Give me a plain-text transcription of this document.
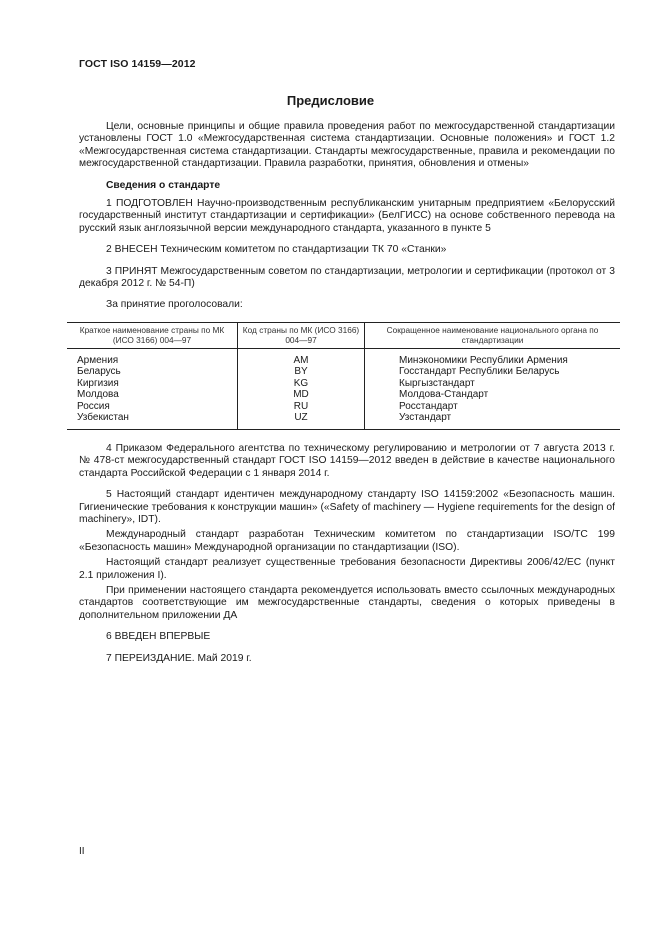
ГОСТ ISO 14159—2012
Предисловие

Цели, основные принципы и общие правила проведения работ по межгосударственной стандартизации установлены ГОСТ 1.0 «Межгосударственная система стандартизации. Основные положения» и ГОСТ 1.2 «Межгосударственная система стандартизации. Стандарты межгосударственные, правила и рекомендации по межгосударственной стандартизации. Правила разработки, принятия, обновления и отмены»

Сведения о стандарте

1 ПОДГОТОВЛЕН Научно-производственным республиканским унитарным предприятием «Белорусский государственный институт стандартизации и сертификации» (БелГИСС) на основе собственного перевода на русский язык англоязычной версии международного стандарта, указанного в пункте 5

2 ВНЕСЕН Техническим комитетом по стандартизации ТК 70 «Станки»

3 ПРИНЯТ Межгосударственным советом по стандартизации, метрологии и сертификации (протокол от 3 декабря 2012 г. № 54-П)

За принятие проголосовали:

Краткое наименование страны по МК (ИСО 3166) 004—97	Код страны по МК (ИСО 3166) 004—97	Сокращенное наименование национального органа по стандартизации
Армения	AM	Минэкономики Республики Армения
Беларусь	BY	Госстандарт Республики Беларусь
Киргизия	KG	Кыргызстандарт
Молдова	MD	Молдова-Стандарт
Россия	RU	Росстандарт
Узбекистан	UZ	Узстандарт

4 Приказом Федерального агентства по техническому регулированию и метрологии от 7 августа 2013 г. № 478-ст межгосударственный стандарт ГОСТ ISO 14159—2012 введен в действие в качестве национального стандарта Российской Федерации с 1 января 2014 г.

5 Настоящий стандарт идентичен международному стандарту ISO 14159:2002 «Безопасность машин. Гигиенические требования к конструкции машин» («Safety of machinery — Hygiene requirements for the design of machinery», IDT).

Международный стандарт разработан Техническим комитетом по стандартизации ISO/TC 199 «Безопасность машин» Международной организации по стандартизации (ISO).

Настоящий стандарт реализует существенные требования безопасности Директивы 2006/42/ЕС (пункт 2.1 приложения I).

При применении настоящего стандарта рекомендуется использовать вместо ссылочных международных стандартов соответствующие им межгосударственные стандарты, сведения о которых приведены в дополнительном приложении ДА

6 ВВЕДЕН ВПЕРВЫЕ

7 ПЕРЕИЗДАНИЕ. Май 2019 г.

II
